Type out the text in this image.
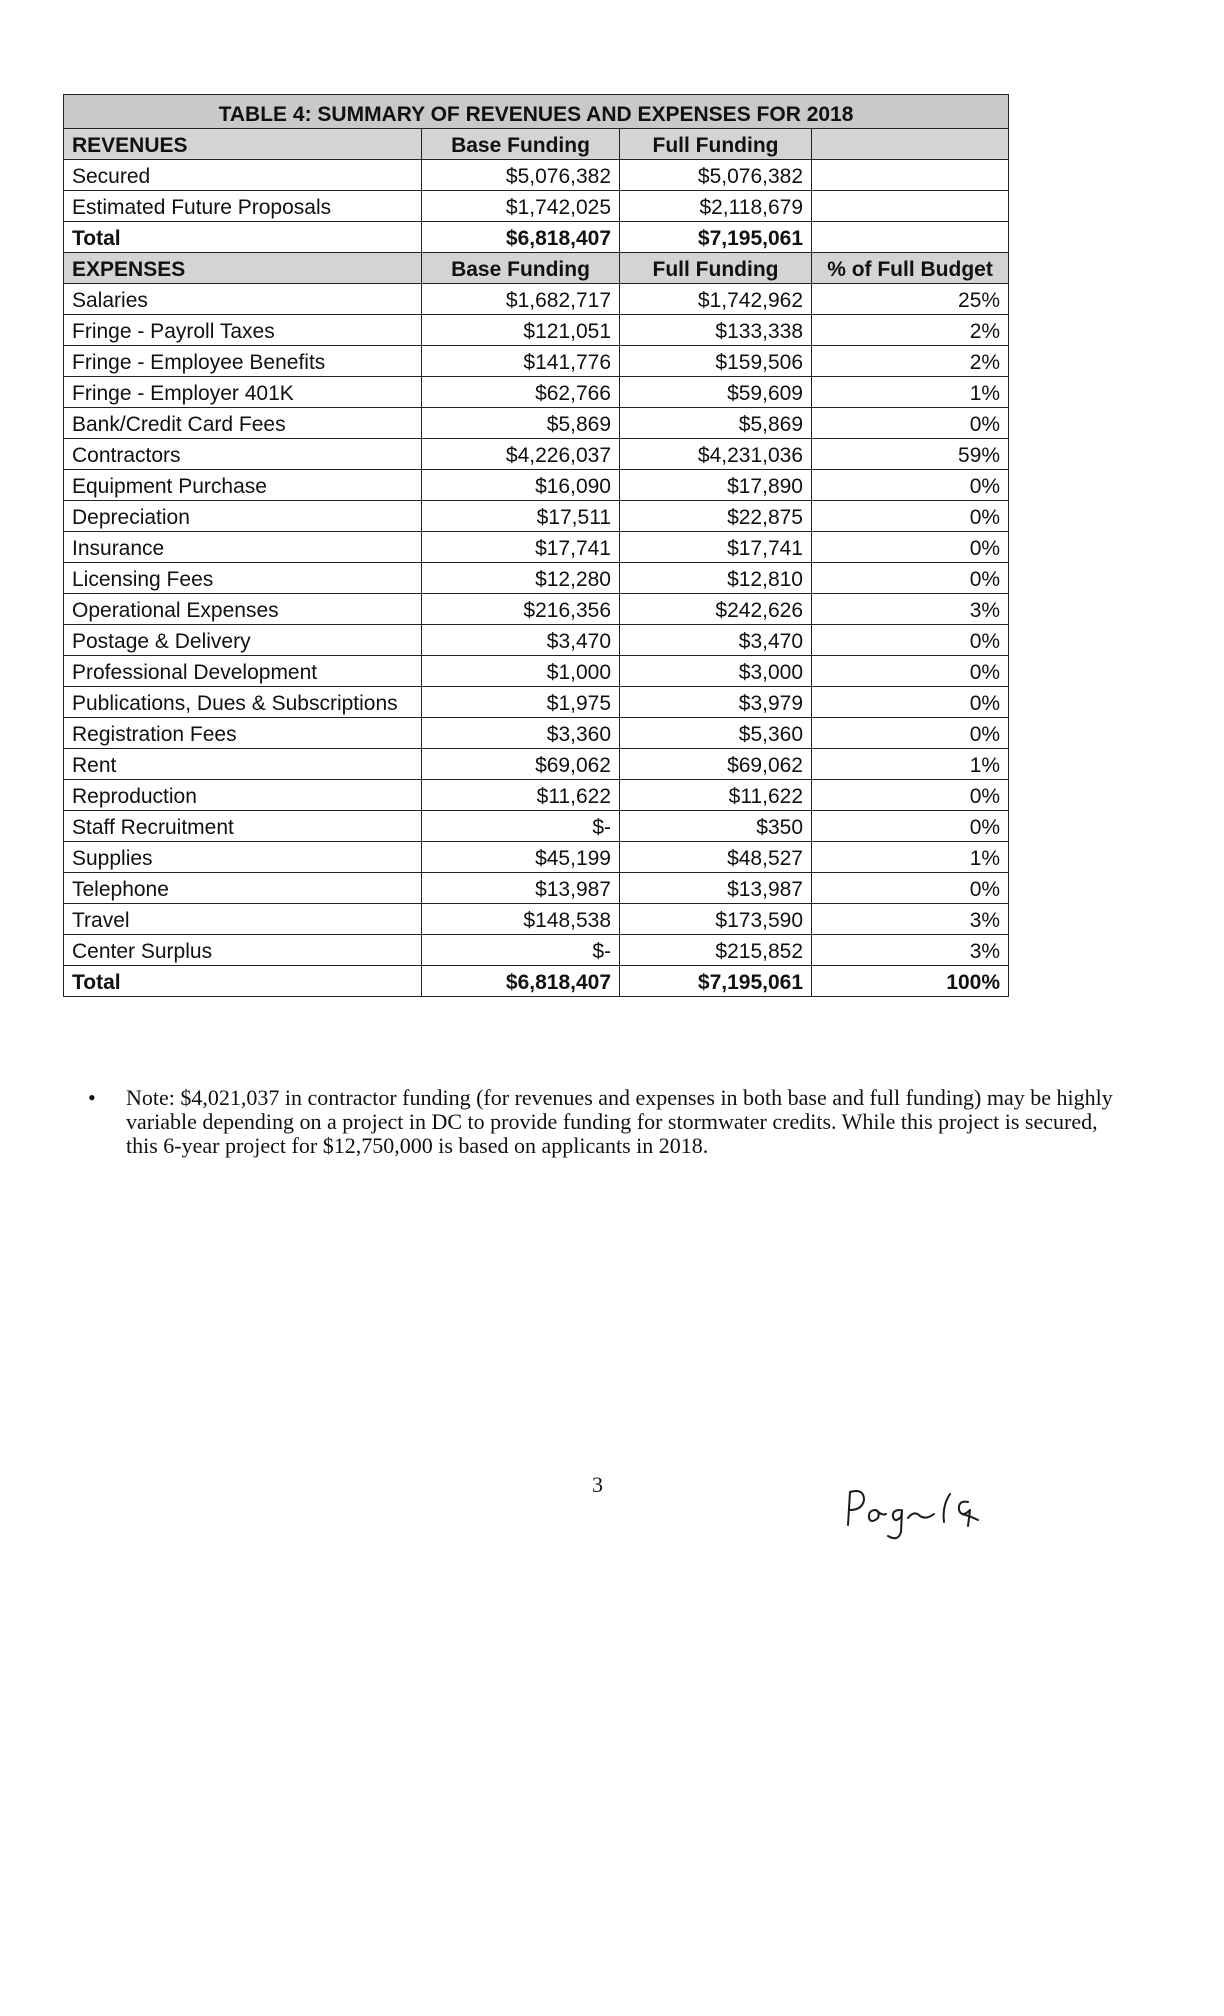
TABLE 4: SUMMARY OF REVENUES AND EXPENSES FOR 2018			
REVENUES	Base Funding	Full Funding	
Secured	$5,076,382	$5,076,382	
Estimated Future Proposals	$1,742,025	$2,118,679	
Total	$6,818,407	$7,195,061	
EXPENSES	Base Funding	Full Funding	% of Full Budget
Salaries	$1,682,717	$1,742,962	25%
Fringe - Payroll Taxes	$121,051	$133,338	2%
Fringe - Employee Benefits	$141,776	$159,506	2%
Fringe - Employer 401K	$62,766	$59,609	1%
Bank/Credit Card Fees	$5,869	$5,869	0%
Contractors	$4,226,037	$4,231,036	59%
Equipment Purchase	$16,090	$17,890	0%
Depreciation	$17,511	$22,875	0%
Insurance	$17,741	$17,741	0%
Licensing Fees	$12,280	$12,810	0%
Operational Expenses	$216,356	$242,626	3%
Postage & Delivery	$3,470	$3,470	0%
Professional Development	$1,000	$3,000	0%
Publications, Dues & Subscriptions	$1,975	$3,979	0%
Registration Fees	$3,360	$5,360	0%
Rent	$69,062	$69,062	1%
Reproduction	$11,622	$11,622	0%
Staff Recruitment	$-	$350	0%
Supplies	$45,199	$48,527	1%
Telephone	$13,987	$13,987	0%
Travel	$148,538	$173,590	3%
Center Surplus	$-	$215,852	3%
Total	$6,818,407	$7,195,061	100%
• Note: $4,021,037 in contractor funding (for revenues and expenses in both base and full funding) may be highly variable depending on a project in DC to provide funding for stormwater credits. While this project is secured, this 6-year project for $12,750,000 is based on applicants in 2018.
3
